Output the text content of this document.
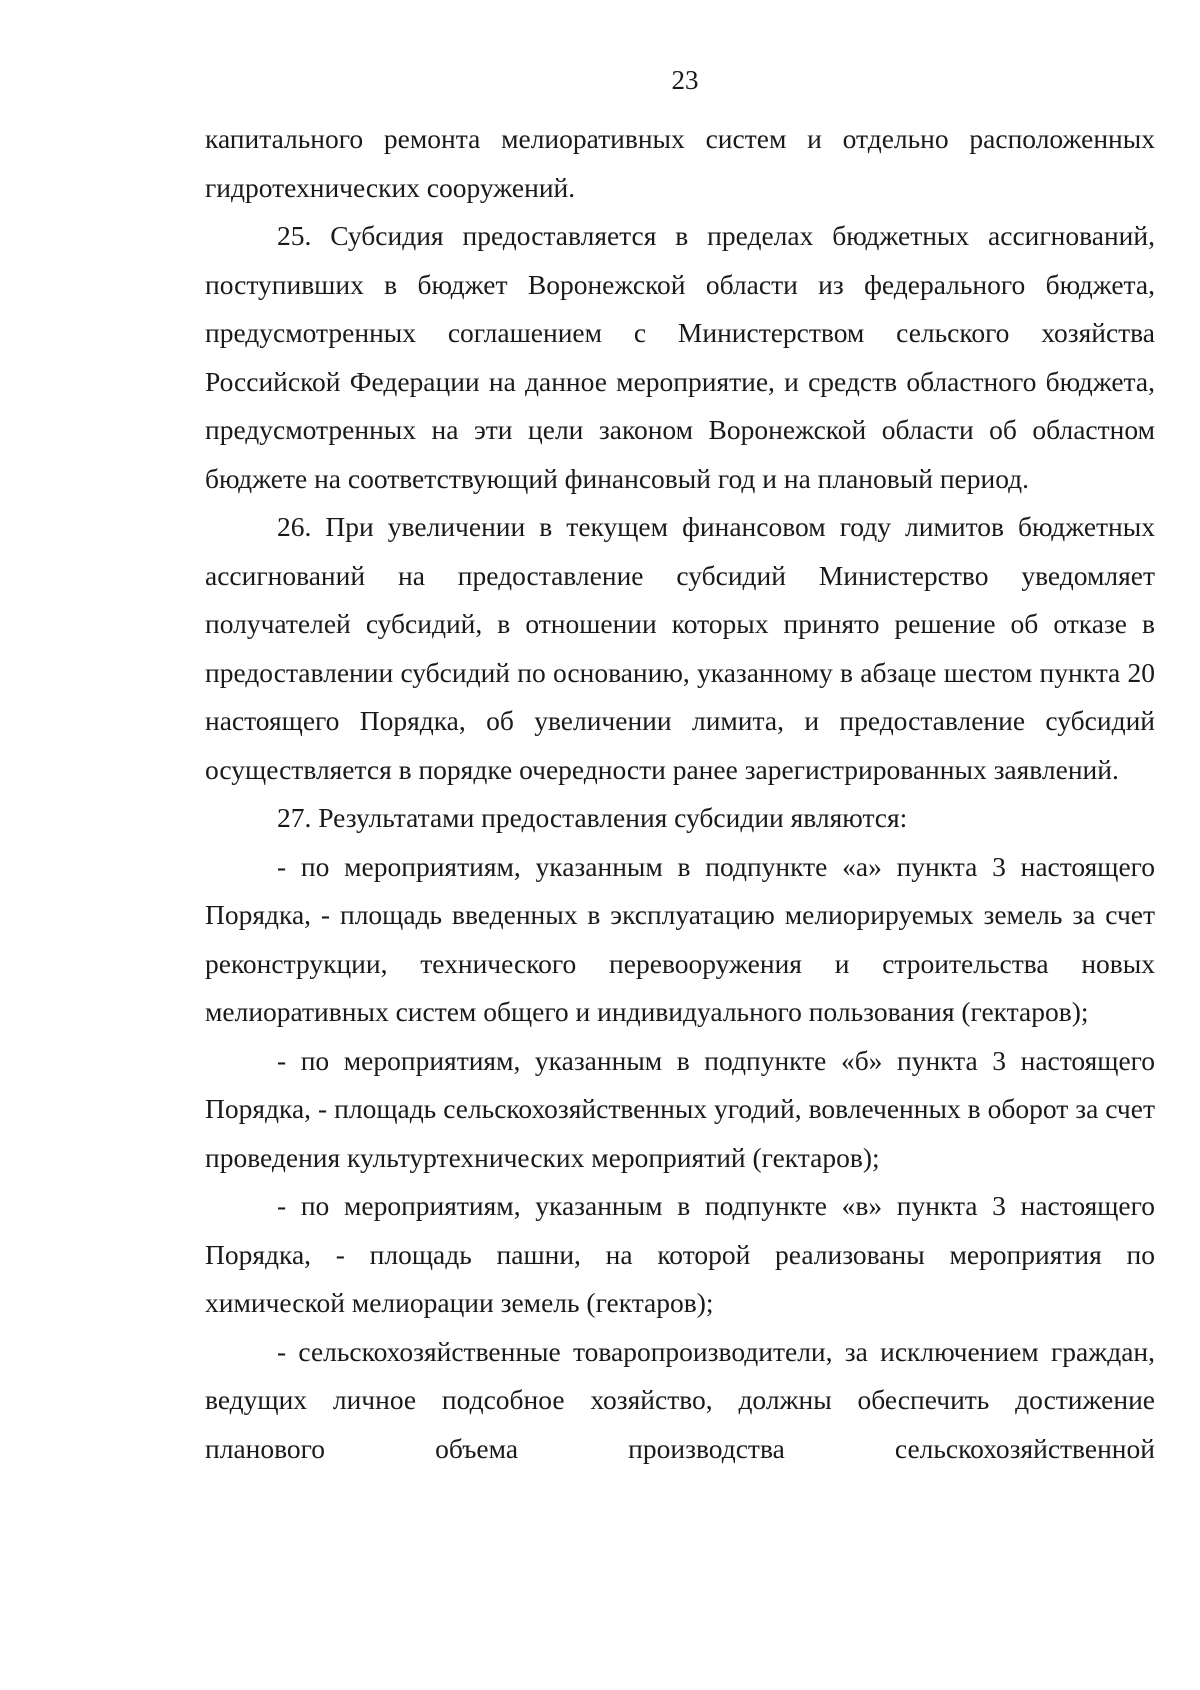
23

капитального ремонта мелиоративных систем и отдельно расположенных гидротехнических сооружений.

25. Субсидия предоставляется в пределах бюджетных ассигнований, поступивших в бюджет Воронежской области из федерального бюджета, предусмотренных соглашением с Министерством сельского хозяйства Российской Федерации на данное мероприятие, и средств областного бюджета, предусмотренных на эти цели законом Воронежской области об областном бюджете на соответствующий финансовый год и на плановый период.

26. При увеличении в текущем финансовом году лимитов бюджетных ассигнований на предоставление субсидий Министерство уведомляет получателей субсидий, в отношении которых принято решение об отказе в предоставлении субсидий по основанию, указанному в абзаце шестом пункта 20 настоящего Порядка, об увеличении лимита, и предоставление субсидий осуществляется в порядке очередности ранее зарегистрированных заявлений.

27. Результатами предоставления субсидии являются:

- по мероприятиям, указанным в подпункте «а» пункта 3 настоящего Порядка, - площадь введенных в эксплуатацию мелиорируемых земель за счет реконструкции, технического перевооружения и строительства новых мелиоративных систем общего и индивидуального пользования (гектаров);

- по мероприятиям, указанным в подпункте «б» пункта 3 настоящего Порядка, - площадь сельскохозяйственных угодий, вовлеченных в оборот за счет проведения культуртехнических мероприятий (гектаров);

- по мероприятиям, указанным в подпункте «в» пункта 3 настоящего Порядка, - площадь пашни, на которой реализованы мероприятия по химической мелиорации земель (гектаров);

- сельскохозяйственные товаропроизводители, за исключением граждан, ведущих личное подсобное хозяйство, должны обеспечить достижение планового объема производства сельскохозяйственной
